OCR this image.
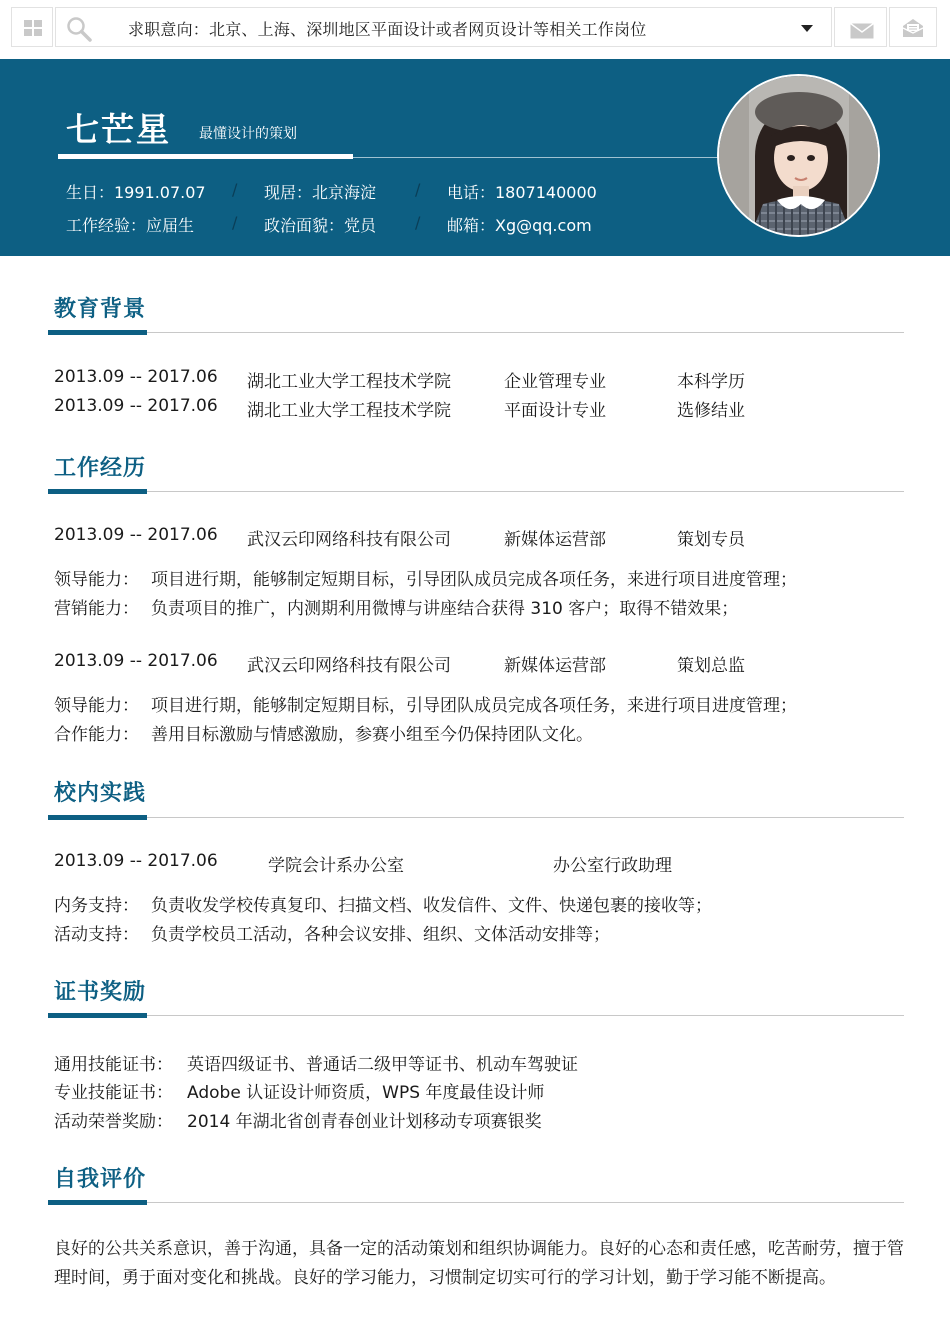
求职意向：北京、上海、深圳地区平面设计或者网页设计等相关工作岗位
七芒星 最懂设计的策划
生日：1991.07.07 / 现居：北京海淀 / 电话：1807140000
工作经验：应届生 / 政治面貌：党员 / 邮箱：Xg@qq.com
教育背景
2013.09 -- 2017.06 湖北工业大学工程技术学院	企业管理专业	本科学历
2013.09 -- 2017.06 湖北工业大学工程技术学院	平面设计专业	选修结业
工作经历
2013.09 -- 2017.06 武汉云印网络科技有限公司	新媒体运营部	策划专员
领导能力： 项目进行期，能够制定短期目标，引导团队成员完成各项任务，来进行项目进度管理；
营销能力： 负责项目的推广，内测期利用微博与讲座结合获得 310 客户；取得不错效果；
2013.09 -- 2017.06 武汉云印网络科技有限公司	新媒体运营部	策划总监
领导能力： 项目进行期，能够制定短期目标，引导团队成员完成各项任务，来进行项目进度管理；
合作能力： 善用目标激励与情感激励，参赛小组至今仍保持团队文化。
校内实践
2013.09 -- 2017.06	学院会计系办公室	办公室行政助理
内务支持： 负责收发学校传真复印、扫描文档、收发信件、文件、快递包裹的接收等；
活动支持： 负责学校员工活动，各种会议安排、组织、文体活动安排等；
证书奖励
通用技能证书： 英语四级证书、普通话二级甲等证书、机动车驾驶证
专业技能证书： Adobe 认证设计师资质，WPS 年度最佳设计师
活动荣誉奖励： 2014 年湖北省创青春创业计划移动专项赛银奖
自我评价
良好的公共关系意识，善于沟通，具备一定的活动策划和组织协调能力。良好的心态和责任感，吃苦耐劳，擅于管理时间，勇于面对变化和挑战。良好的学习能力，习惯制定切实可行的学习计划，勤于学习能不断提高。
